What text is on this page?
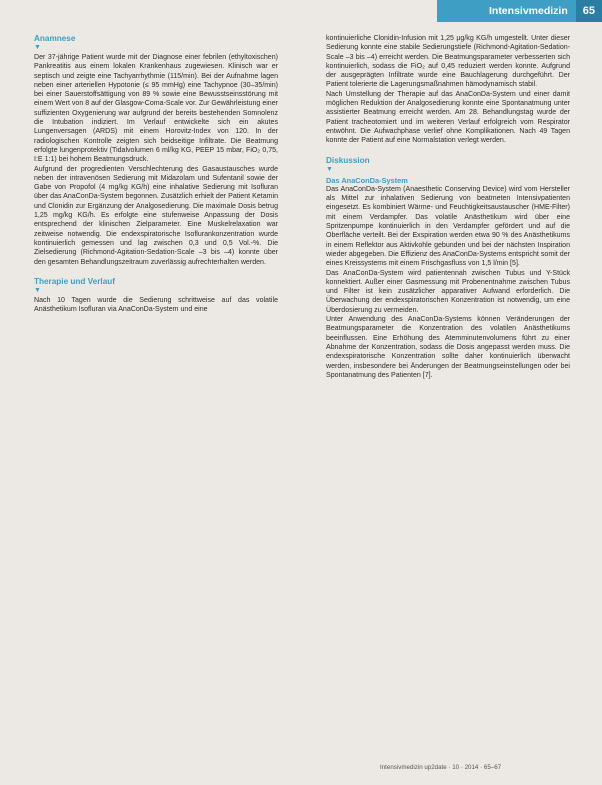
Intensivmedizin	65
Anamnese
▼

Der 37-jährige Patient wurde mit der Diagnose einer febrilen (ethyltoxischen) Pankreatitis aus einem lokalen Krankenhaus zugewiesen. Klinisch war er septisch und zeigte eine Tachyarrhythmie (115/min). Bei der Aufnahme lagen neben einer arteriellen Hypotonie (≤ 95 mmHg) eine Tachypnoe (30–35/min) bei einer Sauerstoffsättigung von 89 % sowie eine Bewusstseinsstörung mit einem Wert von 8 auf der Glasgow-Coma-Scale vor. Zur Gewährleistung einer suffizienten Oxygenierung war aufgrund der bereits bestehenden Somnolenz die Intubation indiziert. Im Verlauf entwickelte sich ein akutes Lungenversagen (ARDS) mit einem Horovitz-Index von 120. In der radiologischen Kontrolle zeigten sich beidseitige Infiltrate. Die Beatmung erfolgte lungenprotektiv (Tidalvolumen 6 ml/kg KG, PEEP 15 mbar, FiO₂ 0,75, I:E 1:1) bei hohem Beatmungsdruck.

Aufgrund der progredienten Verschlechterung des Gasaustausches wurde neben der intravenösen Sedierung mit Midazolam und Sufentanil sowie der Gabe von Propofol (4 mg/kg KG/h) eine inhalative Sedierung mit Isofluran über das AnaConDa-System begonnen. Zusätzlich erhielt der Patient Ketamin und Clonidin zur Ergänzung der Analgosedierung. Die maximale Dosis betrug 1,25 mg/kg KG/h. Es erfolgte eine stufenweise Anpassung der Dosis entsprechend der klinischen Zielparameter. Eine Muskelrelaxation war zeitweise notwendig. Die endexspiratorische Isoflurankonzentration wurde kontinuierlich gemessen und lag zwischen 0,3 und 0,5 Vol.-%. Die Zielsedierung (Richmond-Agitation-Sedation-Scale –3 bis –4) konnte über den gesamten Behandlungszeitraum zuverlässig aufrechterhalten werden.

Therapie und Verlauf
▼

Nach 10 Tagen wurde die Sedierung schrittweise auf das volatile Anästhetikum Isofluran via AnaConDa-System und eine

kontinuierliche Clonidin-Infusion mit 1,25 µg/kg KG/h umgestellt. Unter dieser Sedierung konnte eine stabile Sedierungstiefe (Richmond-Agitation-Sedation-Scale –3 bis –4) erreicht werden. Die Beatmungsparameter verbesserten sich kontinuierlich, sodass die FiO₂ auf 0,45 reduziert werden konnte. Aufgrund der ausgeprägten Infiltrate wurde eine Bauchlagerung durchgeführt. Der Patient tolerierte die Lagerungsmaßnahmen hämodynamisch stabil.

Nach Umstellung der Therapie auf das AnaConDa-System und einer damit möglichen Reduktion der Analgosedierung konnte eine Spontanatmung unter assistierter Beatmung erreicht werden. Am 28. Behandlungstag wurde der Patient tracheotomiert und im weiteren Verlauf erfolgreich vom Respirator entwöhnt. Die Aufwachphase verlief ohne Komplikationen. Nach 49 Tagen konnte der Patient auf eine Normalstation verlegt werden.

Diskussion
▼
Das AnaConDa-System

Das AnaConDa-System (Anaesthetic Conserving Device) wird vom Hersteller als Mittel zur inhalativen Sedierung von beatmeten Intensivpatienten eingesetzt. Es kombiniert Wärme- und Feuchtigkeitsaustauscher (HME-Filter) mit einem Verdampfer. Das volatile Anästhetikum wird über eine Spritzenpumpe kontinuierlich in den Verdampfer gefördert und auf die Oberfläche verteilt. Bei der Exspiration werden etwa 90 % des Anästhetikums in einem Reflektor aus Aktivkohle gebunden und bei der nächsten Inspiration wieder abgegeben. Die Effizienz des AnaConDa-Systems entspricht somit der eines Kreissystems mit einem Frischgasfluss von 1,5 l/min [5].

Das AnaConDa-System wird patientennah zwischen Tubus und Y-Stück konnektiert. Außer einer Gasmessung mit Probenentnahme zwischen Tubus und Filter ist kein zusätzlicher apparativer Aufwand erforderlich. Die Überwachung der endexspiratorischen Konzentration ist notwendig, um eine Überdosierung zu vermeiden.

Unter Anwendung des AnaConDa-Systems können Veränderungen der Beatmungsparameter die Konzentration des volatilen Anästhetikums beeinflussen. Eine Erhöhung des Atemminutenvolumens führt zu einer Abnahme der Konzentration, sodass die Dosis angepasst werden muss. Die endexspiratorische Konzentration sollte daher kontinuierlich überwacht werden, insbesondere bei Änderungen der Beatmungseinstellungen oder bei Spontanatmung des Patienten [7].

Intensivmedizin up2date · 10 · 2014 · 65–67
